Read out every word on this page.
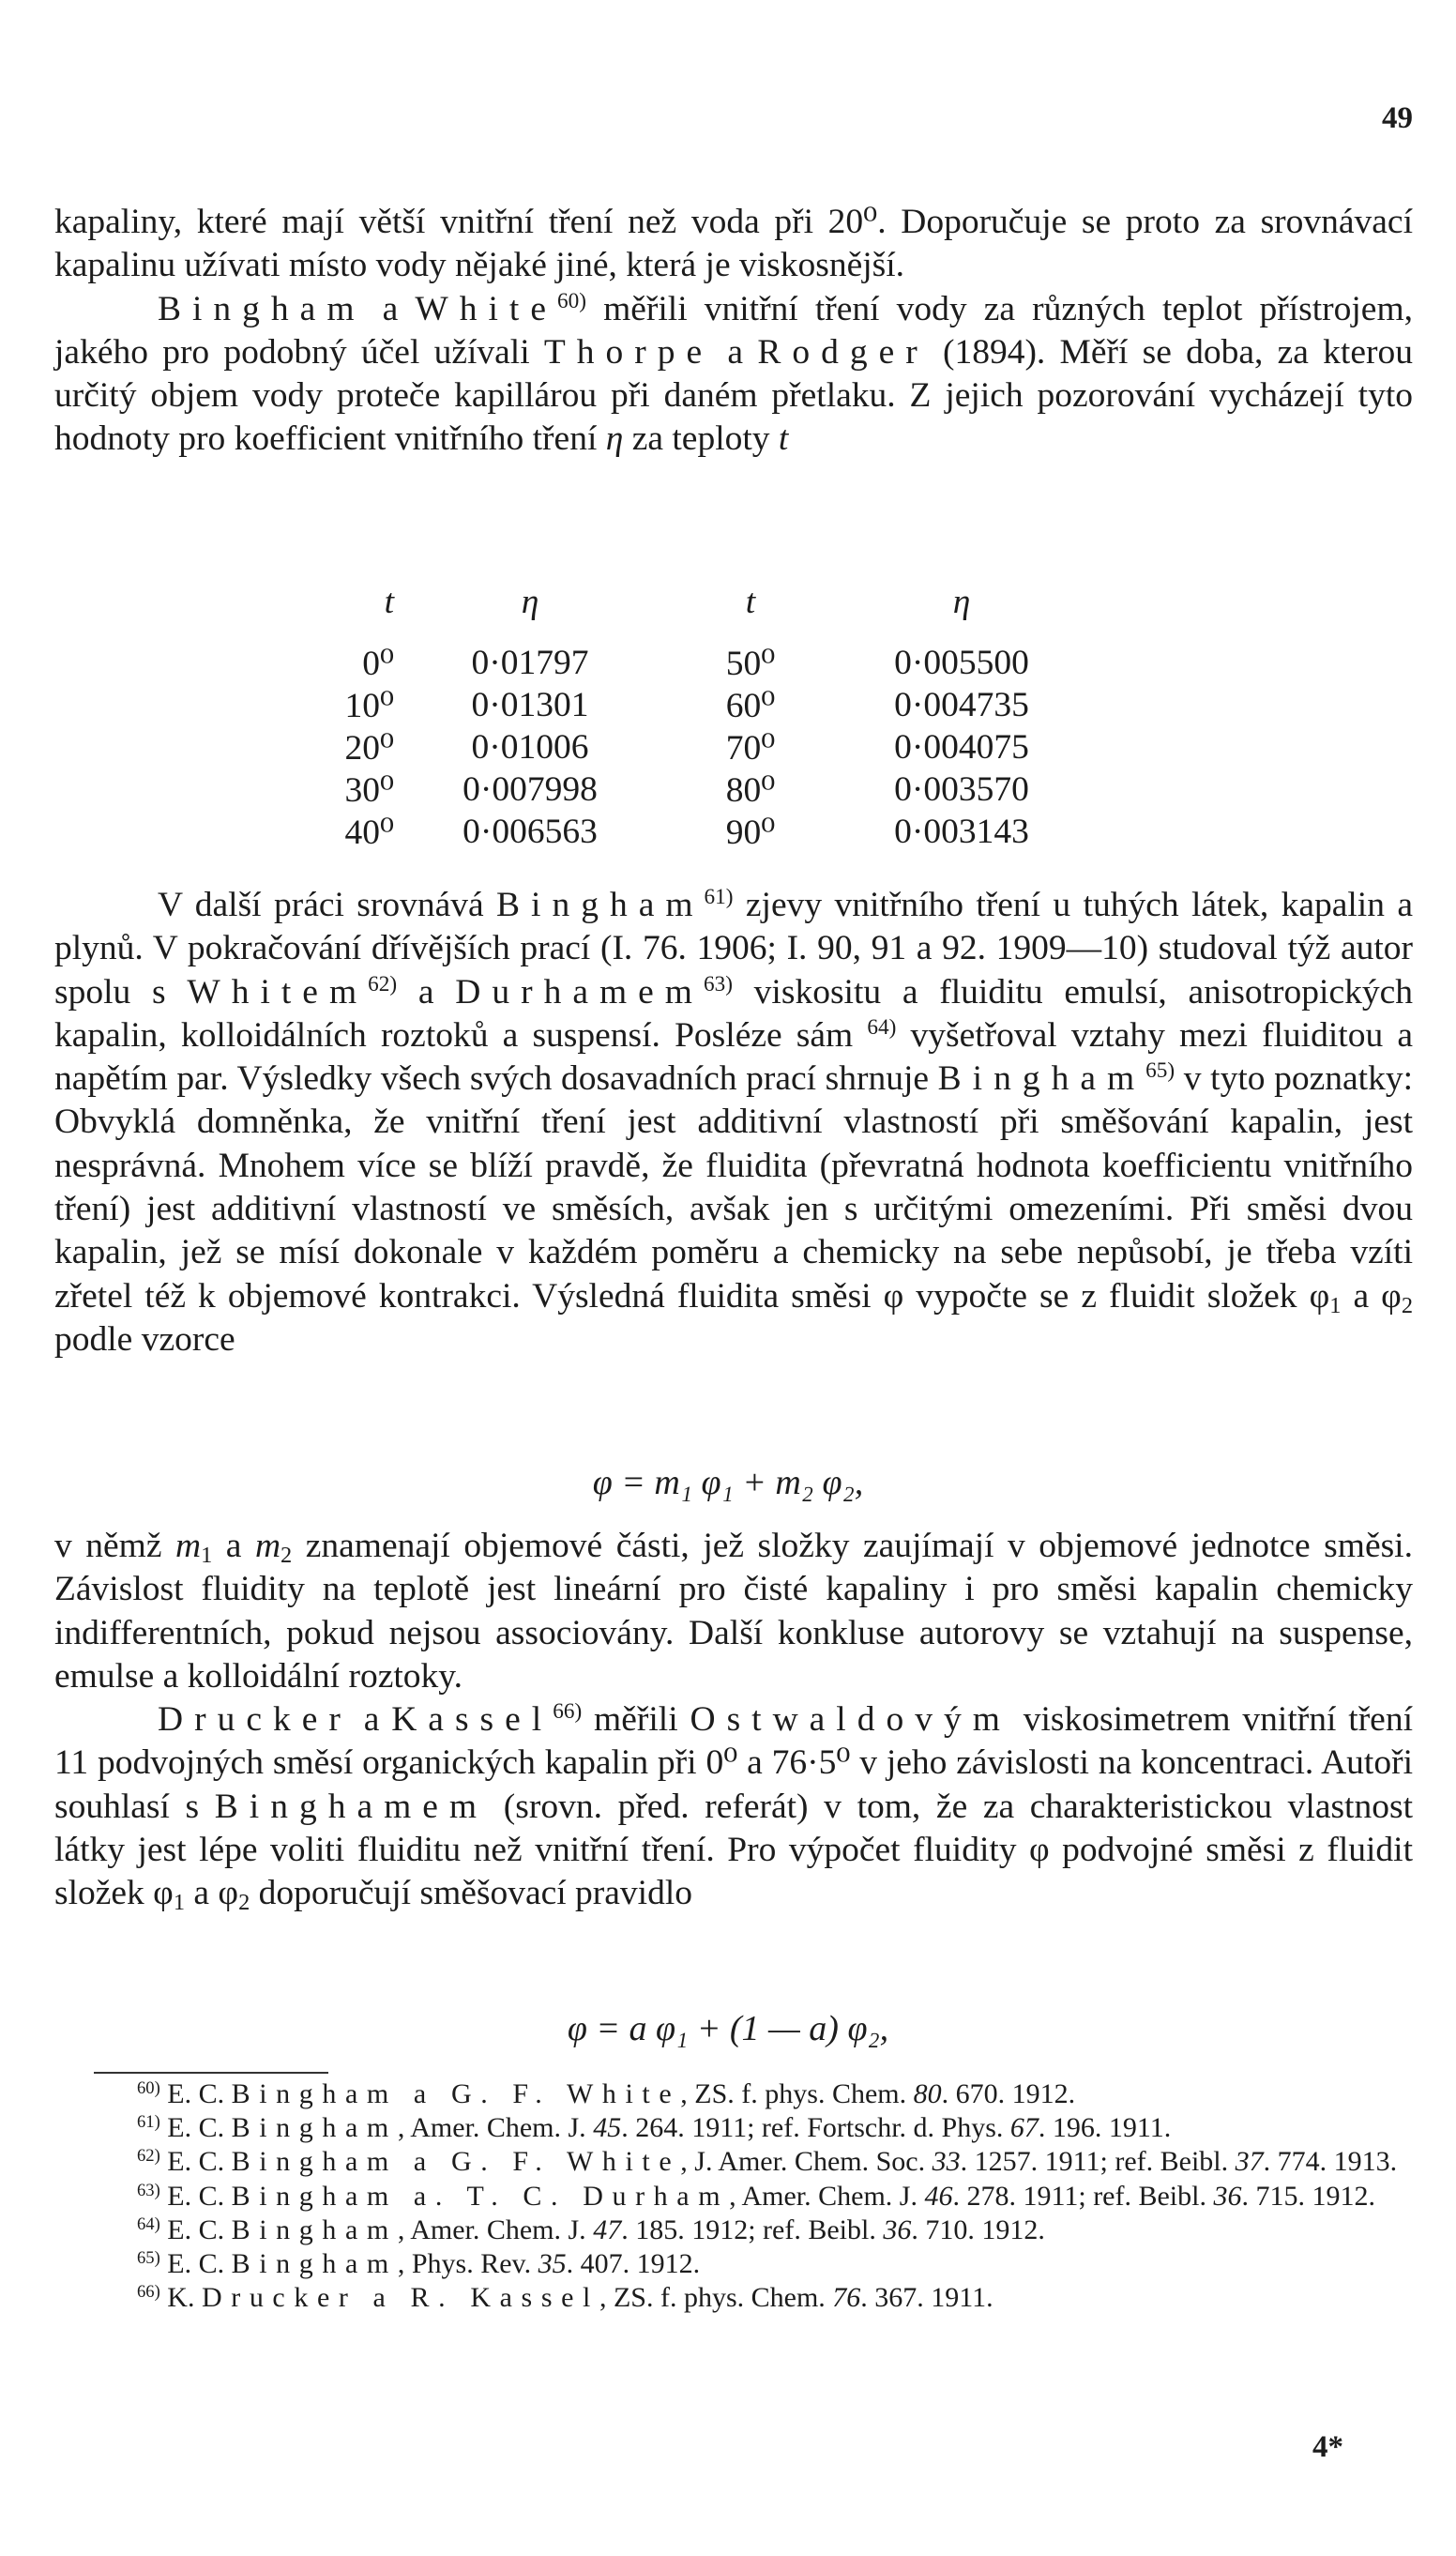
49

kapaliny, které mají větší vnitřní tření než voda při 20⁰. Doporučuje se proto za srovnávací kapalinu užívati místo vody nějaké jiné, která je viskosnější.

Bingham a White$^{60)}$ měřili vnitřní tření vody za různých teplot přístrojem, jakého pro podobný účel užívali Thorpe a Rodger (1894). Měří se doba, za kterou určitý objem vody proteče kapillárou při daném přetlaku. Z jejich pozorování vycházejí tyto hodnoty pro koefficient vnitřního tření η za teploty t

t	η	t	η
0⁰	0·01797	50⁰	0·005500
10⁰	0·01301	60⁰	0·004735
20⁰	0·01006	70⁰	0·004075
30⁰	0·007998	80⁰	0·003570
40⁰	0·006563	90⁰	0·003143

V další práci srovnává Bingham$^{61)}$ zjevy vnitřního tření u tuhých látek, kapalin a plynů. V pokračování dřívějších prací (I. 76. 1906; I. 90, 91 a 92. 1909—10) studoval týž autor spolu s Whitem$^{62)}$ a Durhamem$^{63)}$ viskositu a fluiditu emulsí, anisotropických kapalin, kolloidálních roztoků a suspensí. Posléze sám $^{64)}$ vyšetřoval vztahy mezi fluiditou a napětím par. Výsledky všech svých dosavadních prací shrnuje Bingham$^{65)}$ v tyto poznatky: Obvyklá domněnka, že vnitřní tření jest additivní vlastností při směšování kapalin, jest nesprávná. Mnohem více se blíží pravdě, že fluidita (převratná hodnota koefficientu vnitřního tření) jest additivní vlastností ve směsích, avšak jen s určitými omezeními. Při směsi dvou kapalin, jež se mísí dokonale v každém poměru a chemicky na sebe nepůsobí, je třeba vzíti zřetel též k objemové kontrakci. Výsledná fluidita směsi φ vypočte se z fluidit složek $\varphi_1$ a $\varphi_2$ podle vzorce

φ = m₁ φ₁ + m₂ φ₂,

v němž $m_1$ a $m_2$ znamenají objemové části, jež složky zaujímají v objemové jednotce směsi. Závislost fluidity na teplotě jest lineární pro čisté kapaliny i pro směsi kapalin chemicky indifferentních, pokud nejsou associovány. Další konkluse autorovy se vztahují na suspense, emulse a kolloidální roztoky.

Drucker a Kassel$^{66)}$ měřili Ostwaldovým viskosimetrem vnitřní tření 11 podvojných směsí organických kapalin při 0⁰ a 76·5⁰ v jeho závislosti na koncentraci. Autoři souhlasí s Binghamem (srovn. před. referát) v tom, že za charakteristickou vlastnost látky jest lépe voliti fluiditu než vnitřní tření. Pro výpočet fluidity φ podvojné směsi z fluidit složek $\varphi_1$ a $\varphi_2$ doporučují směšovací pravidlo

φ = a φ₁ + (1 — a) φ₂,

$^{60)}$ E. C. Bingham a G. F. White, ZS. f. phys. Chem. 80. 670. 1912.

$^{61)}$ E. C. Bingham, Amer. Chem. J. 45. 264. 1911; ref. Fortschr. d. Phys. 67. 196. 1911.

$^{62)}$ E. C. Bingham a G. F. White, J. Amer. Chem. Soc. 33. 1257. 1911; ref. Beibl. 37. 774. 1913.

$^{63)}$ E. C. Bingham a. T. C. Durham, Amer. Chem. J. 46. 278. 1911; ref. Beibl. 36. 715. 1912.

$^{64)}$ E. C. Bingham, Amer. Chem. J. 47. 185. 1912; ref. Beibl. 36. 710. 1912.

$^{65)}$ E. C. Bingham, Phys. Rev. 35. 407. 1912.

$^{66)}$ K. Drucker a R. Kassel, ZS. f. phys. Chem. 76. 367. 1911.

4*
